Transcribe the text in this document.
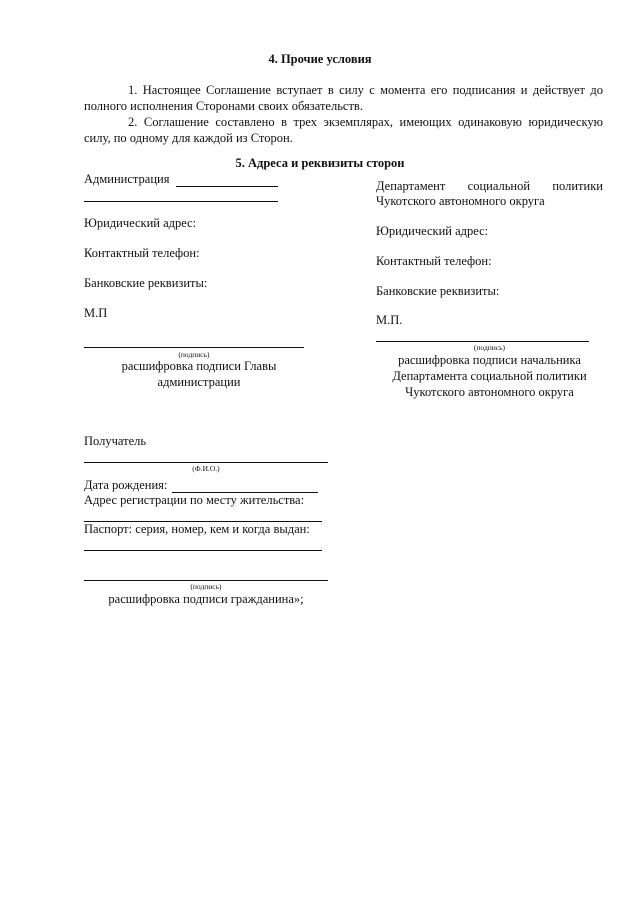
4. Прочие условия
1. Настоящее Соглашение вступает в силу с момента его подписания и действует до полного исполнения Сторонами своих обязательств.
2. Соглашение составлено в трех экземплярах, имеющих одинаковую юридическую силу, по одному для каждой из Сторон.
5. Адреса и реквизиты сторон
Администрация
Юридический адрес:
Контактный телефон:
Банковские реквизиты:
М.П
(подпись)
расшифровка подписи Главы
администрации
Департамент социальной политики
Чукотского автономного округа
Юридический адрес:
Контактный телефон:
Банковские реквизиты:
М.П.
(подпись)
расшифровка подписи начальника
Департамента социальной политики
Чукотского автономного округа
Получатель
(Ф.И.О.)
Дата рождения:
Адрес регистрации по месту жительства:
Паспорт: серия, номер, кем и когда выдан:
(подпись)
расшифровка подписи гражданина»;
